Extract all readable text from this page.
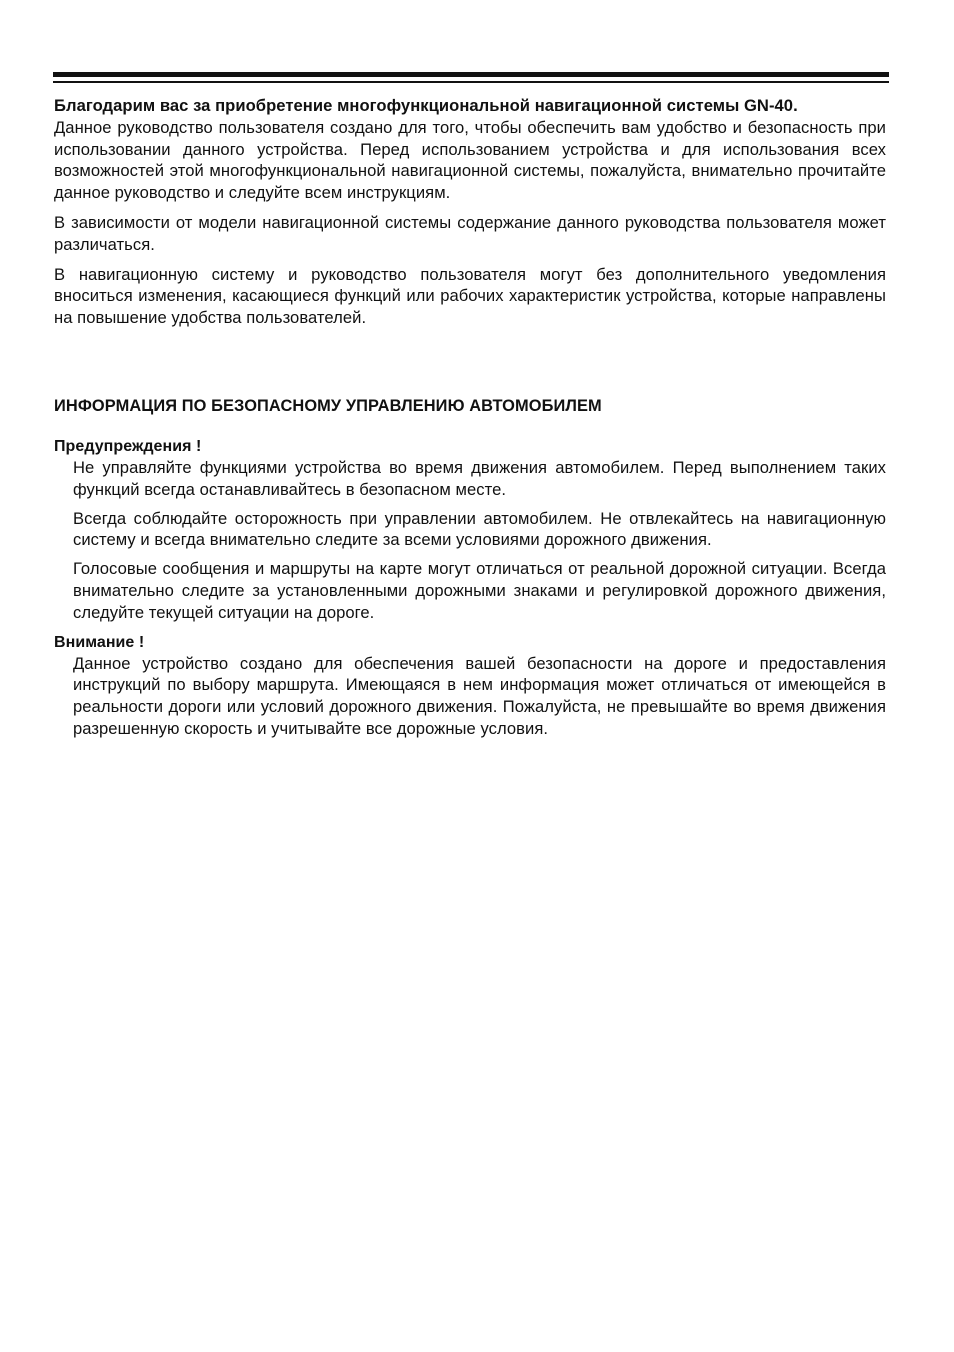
Благодарим вас за приобретение многофункциональной навигационной системы GN-40.

Данное руководство пользователя создано для того, чтобы обеспечить вам удобство и безопасность при использовании данного устройства. Перед использованием устройства и для использования всех возможностей этой многофункциональной навигационной системы, пожалуйста, внимательно прочитайте данное руководство и следуйте всем инструкциям.

В зависимости от модели навигационной системы содержание данного руководства пользователя может различаться.

В навигационную систему и руководство пользователя могут без дополнительного уведомления вноситься изменения, касающиеся функций или рабочих характеристик устройства, которые направлены на повышение удобства пользователей.

ИНФОРМАЦИЯ ПО БЕЗОПАСНОМУ УПРАВЛЕНИЮ АВТОМОБИЛЕМ
Предупреждения !

Не управляйте функциями устройства во время движения автомобилем. Перед выполнением таких функций всегда останавливайтесь в безопасном месте.

Всегда соблюдайте осторожность при управлении автомобилем. Не отвлекайтесь на навигационную систему и всегда внимательно следите за всеми условиями дорожного движения.

Голосовые сообщения и маршруты на карте могут отличаться от реальной дорожной ситуации. Всегда внимательно следите за установленными дорожными знаками и регулировкой дорожного движения, следуйте текущей ситуации на дороге.

Внимание !

Данное устройство создано для обеспечения вашей безопасности на дороге и предоставления инструкций по выбору маршрута. Имеющаяся в нем информация может отличаться от имеющейся в реальности дороги или условий дорожного движения. Пожалуйста, не превышайте во время движения разрешенную скорость и учитывайте все дорожные условия.
